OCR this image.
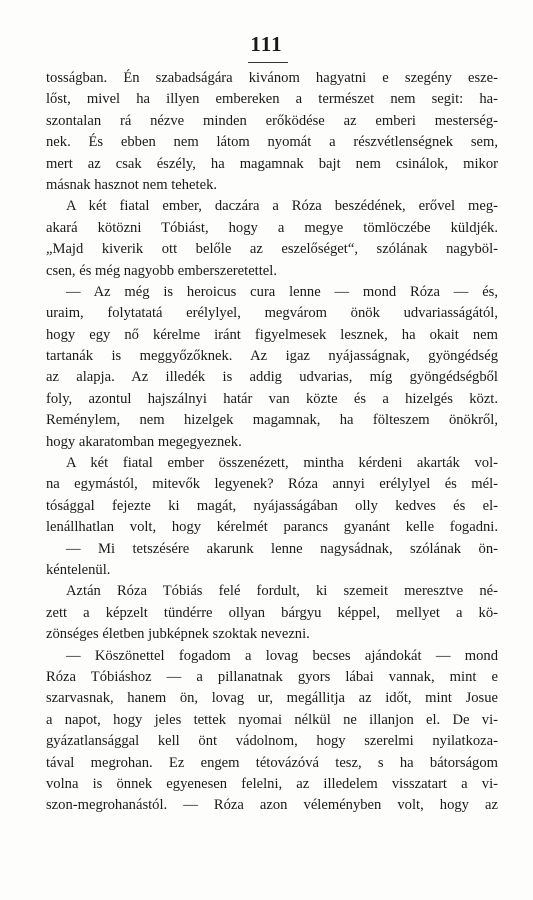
111
tosságban. Én szabadságára kivánom hagyatni e szegény esze-
lőst, mivel ha illyen embereken a természet nem segit: ha-
szontalan rá nézve minden erőködése az emberi mesterség-
nek. És ebben nem látom nyomát a részvétlenségnek sem,
mert az csak észély, ha magamnak bajt nem csinálok, mikor
másnak hasznot nem tehetek.
A két fiatal ember, daczára a Róza beszédének, erővel meg-
akará kötözni Tóbiást, hogy a megye tömlöczébe küldjék.
„Majd kiverik ott belőle az eszelőséget“, szólának nagyböl-
csen, és még nagyobb emberszeretettel.
— Az még is heroicus cura lenne — mond Róza — és,
uraim, folytatatá erélylyel, megvárom önök udvariasságától,
hogy egy nő kérelme iránt figyelmesek lesznek, ha okait nem
tartanák is meggyőzőknek. Az igaz nyájasságnak, gyöngédség
az alapja. Az illedék is addig udvarias, míg gyöngédségből
foly, azontul hajszálnyi határ van közte és a hizelgés közt.
Reménylem, nem hizelgek magamnak, ha fölteszem önökről,
hogy akaratomban megegyeznek.
A két fiatal ember összenézett, mintha kérdeni akarták vol-
na egymástól, mitevők legyenek? Róza annyi erélylyel és mél-
tósággal fejezte ki magát, nyájasságában olly kedves és el-
lenállhatlan volt, hogy kérelmét parancs gyanánt kelle fogadni.
— Mi tetszésére akarunk lenne nagysádnak, szólának ön-
kéntelenül.
Aztán Róza Tóbiás felé fordult, ki szemeit meresztve né-
zett a képzelt tündérre ollyan bárgyu képpel, mellyet a kö-
zönséges életben jubképnek szoktak nevezni.
— Köszönettel fogadom a lovag becses ajándokát — mond
Róza Tóbiáshoz — a pillanatnak gyors lábai vannak, mint e
szarvasnak, hanem ön, lovag ur, megállitja az időt, mint Josue
a napot, hogy jeles tettek nyomai nélkül ne illanjon el. De vi-
gyázatlansággal kell önt vádolnom, hogy szerelmi nyilatkoza-
tával megrohan. Ez engem tétovázóvá tesz, s ha bátorságom
volna is önnek egyenesen felelni, az illedelem visszatart a vi-
szon-megrohanástól. — Róza azon véleményben volt, hogy az
